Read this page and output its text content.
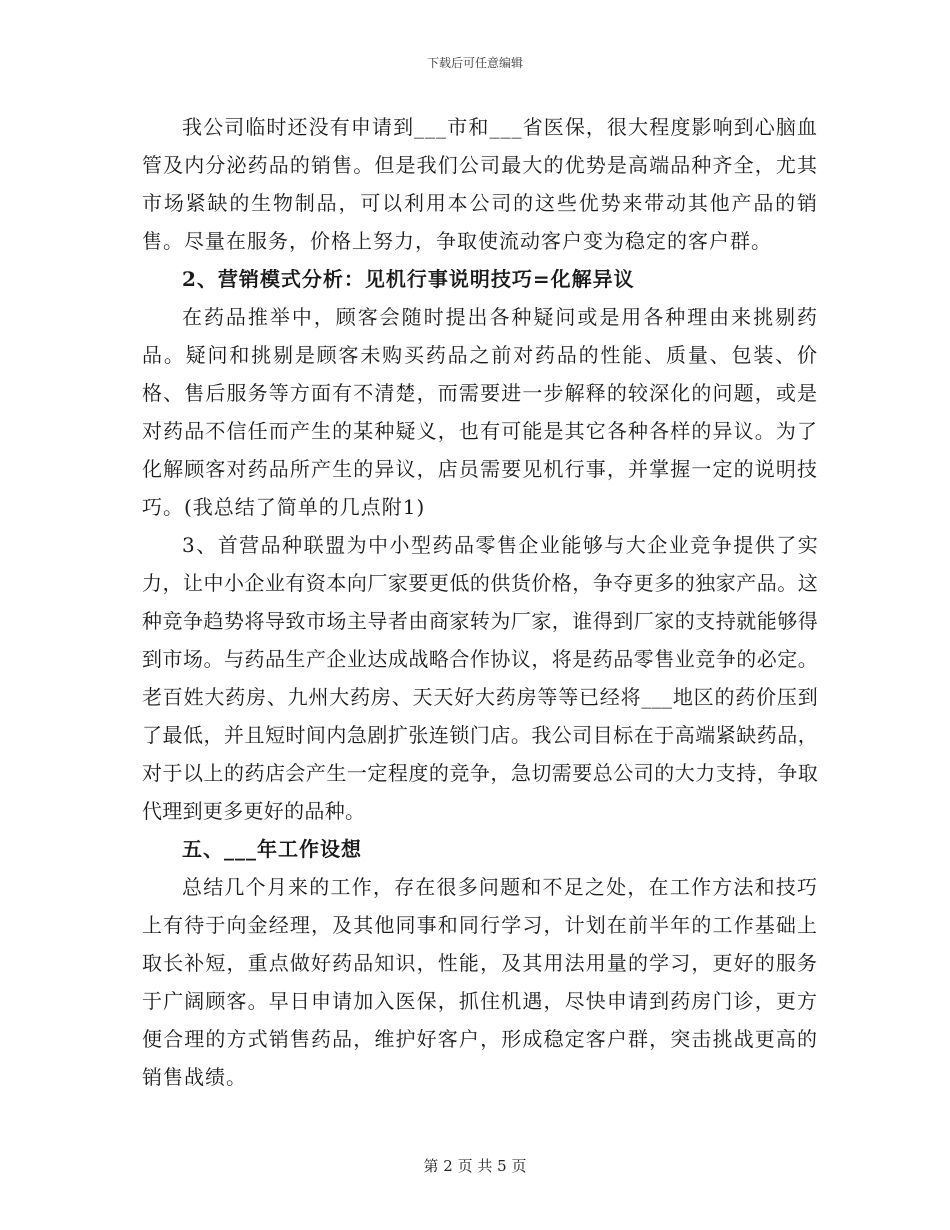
下载后可任意编辑

我公司临时还没有申请到___市和___省医保，很大程度影响到心脑血管及内分泌药品的销售。但是我们公司最大的优势是高端品种齐全，尤其市场紧缺的生物制品，可以利用本公司的这些优势来带动其他产品的销售。尽量在服务，价格上努力，争取使流动客户变为稳定的客户群。

2、营销模式分析：见机行事说明技巧=化解异议

在药品推举中，顾客会随时提出各种疑问或是用各种理由来挑剔药品。疑问和挑剔是顾客未购买药品之前对药品的性能、质量、包装、价格、售后服务等方面有不清楚，而需要进一步解释的较深化的问题，或是对药品不信任而产生的某种疑义，也有可能是其它各种各样的异议。为了化解顾客对药品所产生的异议，店员需要见机行事，并掌握一定的说明技巧。(我总结了简单的几点附1)

3、首营品种联盟为中小型药品零售企业能够与大企业竞争提供了实力，让中小企业有资本向厂家要更低的供货价格，争夺更多的独家产品。这种竞争趋势将导致市场主导者由商家转为厂家，谁得到厂家的支持就能够得到市场。与药品生产企业达成战略合作协议，将是药品零售业竞争的必定。老百姓大药房、九州大药房、天天好大药房等等已经将___地区的药价压到了最低，并且短时间内急剧扩张连锁门店。我公司目标在于高端紧缺药品，对于以上的药店会产生一定程度的竞争，急切需要总公司的大力支持，争取代理到更多更好的品种。

五、___年工作设想

总结几个月来的工作，存在很多问题和不足之处，在工作方法和技巧上有待于向金经理，及其他同事和同行学习，计划在前半年的工作基础上取长补短，重点做好药品知识，性能，及其用法用量的学习，更好的服务于广阔顾客。早日申请加入医保，抓住机遇，尽快申请到药房门诊，更方便合理的方式销售药品，维护好客户，形成稳定客户群，突击挑战更高的销售战绩。

第 2 页 共 5 页
